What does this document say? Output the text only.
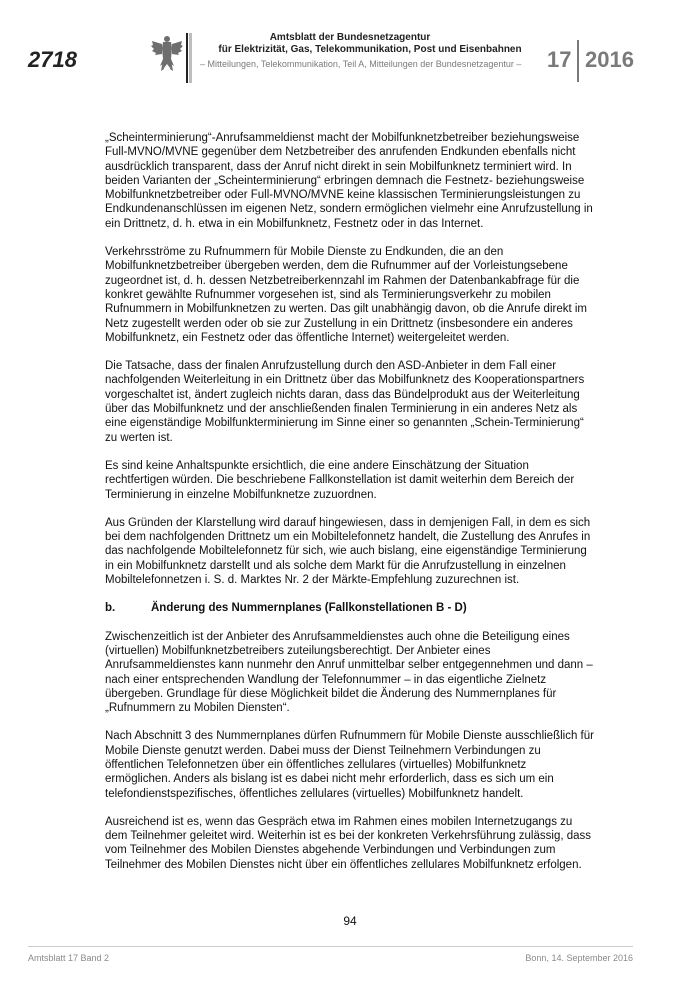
2718
Amtsblatt der Bundesnetzagentur
für Elektrizität, Gas, Telekommunikation, Post und Eisenbahnen
– Mitteilungen, Telekommunikation, Teil A, Mitteilungen der Bundesnetzagentur – 17 2016

„Scheinterminierung“-Anrufsammeldienst macht der Mobilfunknetzbetreiber beziehungsweise Full-MVNO/MVNE gegenüber dem Netzbetreiber des anrufenden Endkunden ebenfalls nicht ausdrücklich transparent, dass der Anruf nicht direkt in sein Mobilfunknetz terminiert wird. In beiden Varianten der „Scheinterminierung“ erbringen demnach die Festnetz- beziehungsweise Mobilfunknetzbetreiber oder Full-MVNO/MVNE keine klassischen Terminierungsleistungen zu Endkundenanschlüssen im eigenen Netz, sondern ermöglichen vielmehr eine Anrufzustellung in ein Drittnetz, d. h. etwa in ein Mobilfunknetz, Festnetz oder in das Internet.

Verkehrsströme zu Rufnummern für Mobile Dienste zu Endkunden, die an den Mobilfunknetzbetreiber übergeben werden, dem die Rufnummer auf der Vorleistungsebene zugeordnet ist, d. h. dessen Netzbetreiberkennzahl im Rahmen der Datenbankabfrage für die konkret gewählte Rufnummer vorgesehen ist, sind als Terminierungsverkehr zu mobilen Rufnummern in Mobilfunknetzen zu werten. Das gilt unabhängig davon, ob die Anrufe direkt im Netz zugestellt werden oder ob sie zur Zustellung in ein Drittnetz (insbesondere ein anderes Mobilfunknetz, ein Festnetz oder das öffentliche Internet) weitergeleitet werden.

Die Tatsache, dass der finalen Anrufzustellung durch den ASD-Anbieter in dem Fall einer nachfolgenden Weiterleitung in ein Drittnetz über das Mobilfunknetz des Kooperationspartners vorgeschaltet ist, ändert zugleich nichts daran, dass das Bündelprodukt aus der Weiterleitung über das Mobilfunknetz und der anschließenden finalen Terminierung in ein anderes Netz als eine eigenständige Mobilfunkterminierung im Sinne einer so genannten „Schein-Terminierung“ zu werten ist.

Es sind keine Anhaltspunkte ersichtlich, die eine andere Einschätzung der Situation rechtfertigen würden. Die beschriebene Fallkonstellation ist damit weiterhin dem Bereich der Terminierung in einzelne Mobilfunknetze zuzuordnen.

Aus Gründen der Klarstellung wird darauf hingewiesen, dass in demjenigen Fall, in dem es sich bei dem nachfolgenden Drittnetz um ein Mobiltelefonnetz handelt, die Zustellung des Anrufes in das nachfolgende Mobiltelefonnetz für sich, wie auch bislang, eine eigenständige Terminierung in ein Mobilfunknetz darstellt und als solche dem Markt für die Anrufzustellung in einzelnen Mobiltelefonnetzen i. S. d. Marktes Nr. 2 der Märkte-Empfehlung zuzurechnen ist.

b.	Änderung des Nummernplanes (Fallkonstellationen B - D)

Zwischenzeitlich ist der Anbieter des Anrufsammeldienstes auch ohne die Beteiligung eines (virtuellen) Mobilfunknetzbetreibers zuteilungsberechtigt. Der Anbieter eines Anrufsammeldienstes kann nunmehr den Anruf unmittelbar selber entgegennehmen und dann – nach einer entsprechenden Wandlung der Telefonnummer – in das eigentliche Zielnetz übergeben. Grundlage für diese Möglichkeit bildet die Änderung des Nummernplanes für „Rufnummern zu Mobilen Diensten“.

Nach Abschnitt 3 des Nummernplanes dürfen Rufnummern für Mobile Dienste ausschließlich für Mobile Dienste genutzt werden. Dabei muss der Dienst Teilnehmern Verbindungen zu öffentlichen Telefonnetzen über ein öffentliches zellulares (virtuelles) Mobilfunknetz ermöglichen. Anders als bislang ist es dabei nicht mehr erforderlich, dass es sich um ein telefondienstspezifisches, öffentliches zellulares (virtuelles) Mobilfunknetz handelt.

Ausreichend ist es, wenn das Gespräch etwa im Rahmen eines mobilen Internetzugangs zu dem Teilnehmer geleitet wird. Weiterhin ist es bei der konkreten Verkehrsführung zulässig, dass vom Teilnehmer des Mobilen Dienstes abgehende Verbindungen und Verbindungen zum Teilnehmer des Mobilen Dienstes nicht über ein öffentliches zellulares Mobilfunknetz erfolgen.

94
Amtsblatt 17 Band 2	Bonn, 14. September 2016
